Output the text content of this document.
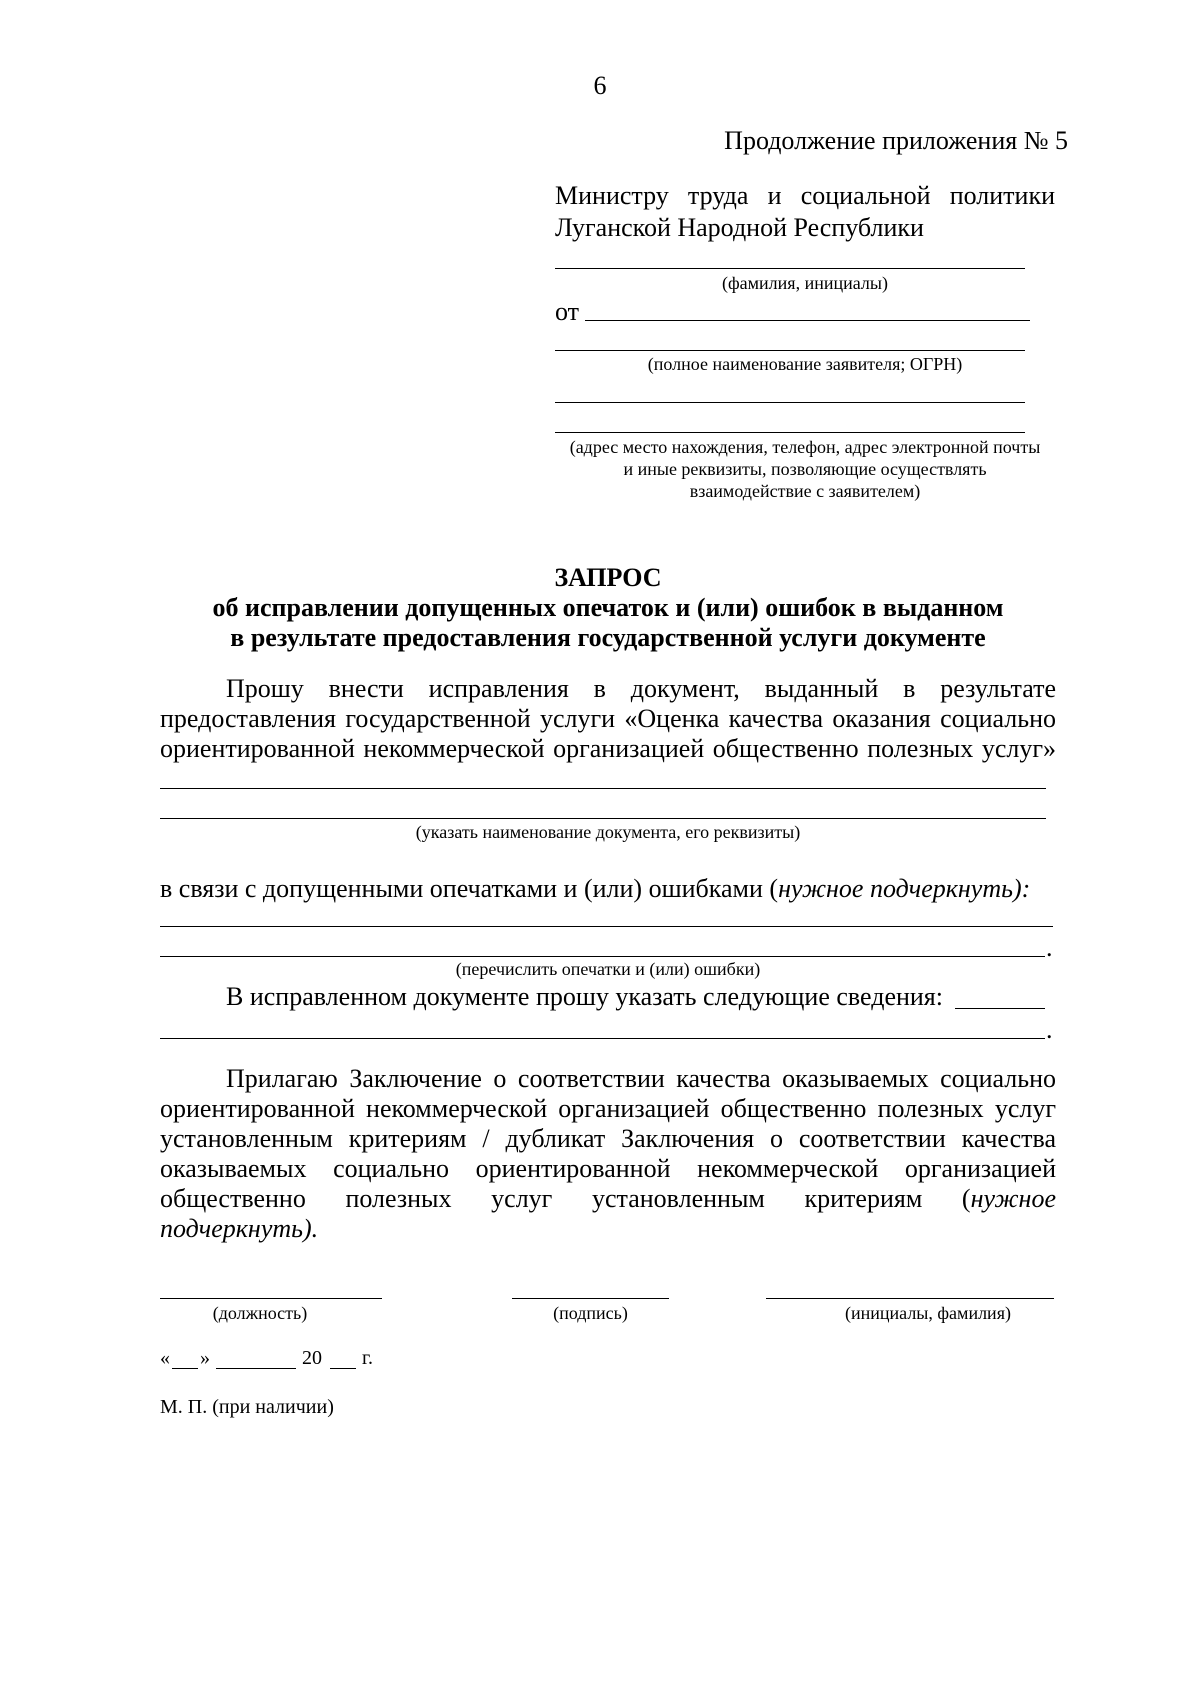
6
Продолжение приложения № 5
Министру труда и социальной политики
Луганской Народной Республики
(фамилия, инициалы)
от
(полное наименование заявителя; ОГРН)
(адрес место нахождения, телефон, адрес электронной почты
и иные реквизиты, позволяющие осуществлять
взаимодействие с заявителем)
ЗАПРОС
об исправлении допущенных опечаток и (или) ошибок в выданном
в результате предоставления государственной услуги документе
Прошу внести исправления в документ, выданный в результате
предоставления государственной услуги «Оценка качества оказания социально
ориентированной некоммерческой организацией общественно полезных услуг»
(указать наименование документа, его реквизиты)
в связи с допущенными опечатками и (или) ошибками (нужное подчеркнуть):
.
(перечислить опечатки и (или) ошибки)
В исправленном документе прошу указать следующие сведения:
.
Прилагаю Заключение о соответствии качества оказываемых социально
ориентированной некоммерческой организацией общественно полезных услуг
установленным критериям / дубликат Заключения о соответствии качества
оказываемых социально ориентированной некоммерческой организацией
общественно полезных услуг установленным критериям (нужное
подчеркнуть).
(должность)	(подпись)	(инициалы, фамилия)
« »	20 г.
М. П. (при наличии)
